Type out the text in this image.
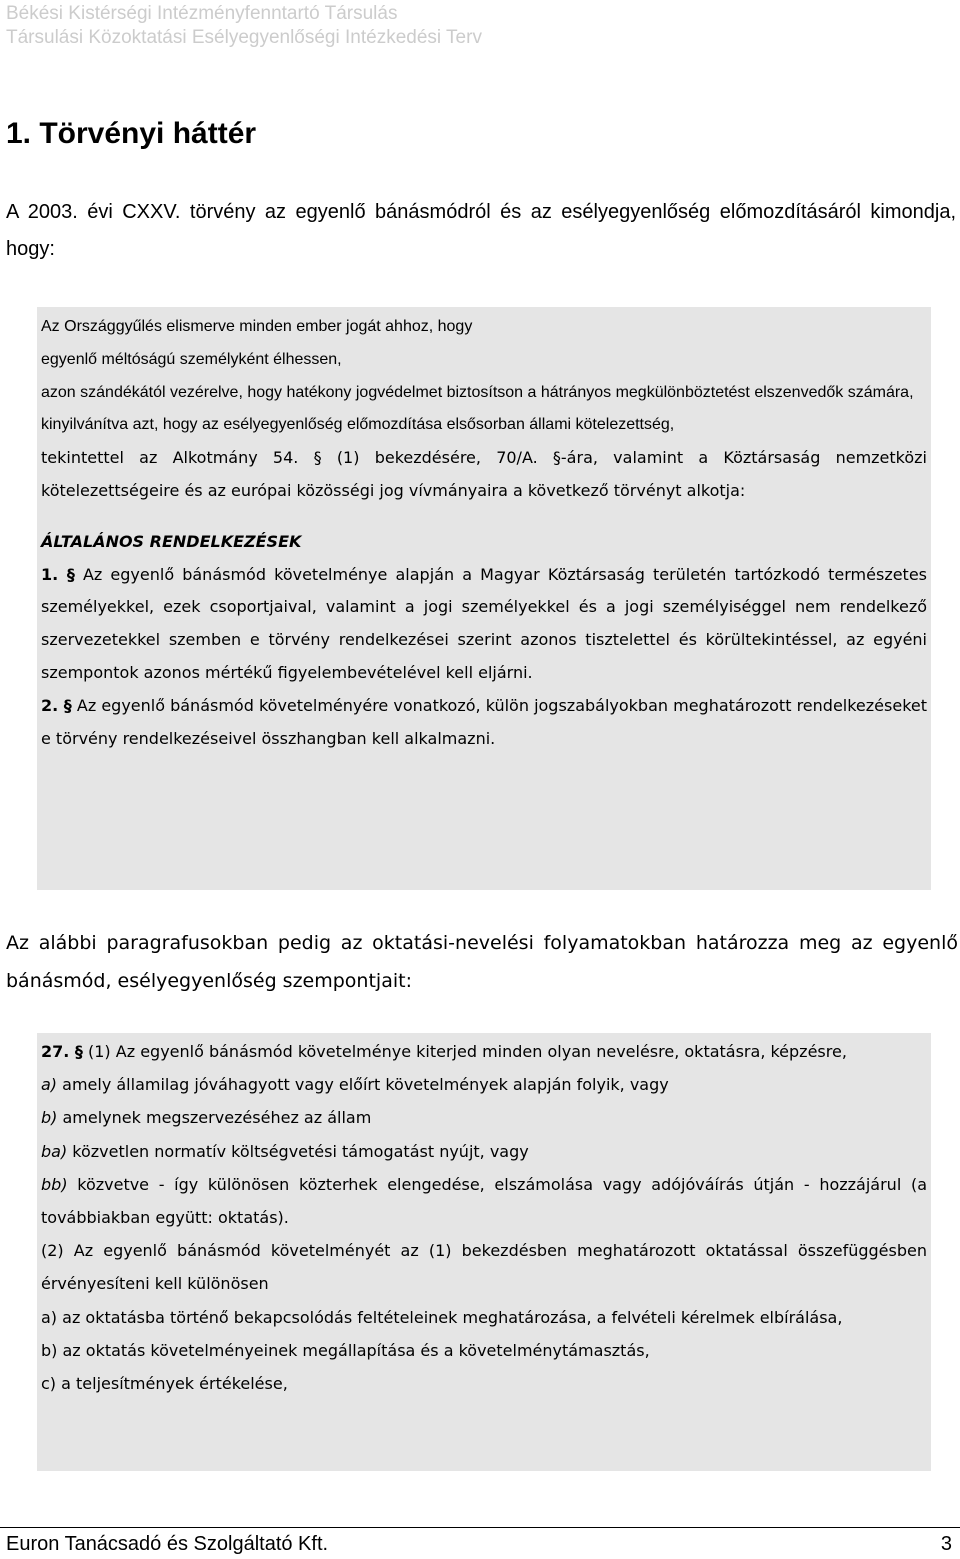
Békési Kistérségi Intézményfenntartó Társulás
Társulási Közoktatási Esélyegyenlőségi Intézkedési Terv
1. Törvényi háttér
A 2003. évi CXXV. törvény az egyenlő bánásmódról és az esélyegyenlőség előmozdításáról kimondja, hogy:

Az Országgyűlés elismerve minden ember jogát ahhoz, hogy

egyenlő méltóságú személyként élhessen,

azon szándékától vezérelve, hogy hatékony jogvédelmet biztosítson a hátrányos megkülönböztetést elszenvedők számára,

kinyilvánítva azt, hogy az esélyegyenlőség előmozdítása elsősorban állami kötelezettség,

tekintettel az Alkotmány 54. § (1) bekezdésére, 70/A. §-ára, valamint a Köztársaság nemzetközi kötelezettségeire és az európai közösségi jog vívmányaira a következő törvényt alkotja:

ÁLTALÁNOS RENDELKEZÉSEK

1. § Az egyenlő bánásmód követelménye alapján a Magyar Köztársaság területén tartózkodó természetes személyekkel, ezek csoportjaival, valamint a jogi személyekkel és a jogi személyiséggel nem rendelkező szervezetekkel szemben e törvény rendelkezései szerint azonos tisztelettel és körültekintéssel, az egyéni szempontok azonos mértékű figyelembevételével kell eljárni.

2. § Az egyenlő bánásmód követelményére vonatkozó, külön jogszabályokban meghatározott rendelkezéseket e törvény rendelkezéseivel összhangban kell alkalmazni.

Az alábbi paragrafusokban pedig az oktatási-nevelési folyamatokban határozza meg az egyenlő bánásmód, esélyegyenlőség szempontjait:

27. § (1) Az egyenlő bánásmód követelménye kiterjed minden olyan nevelésre, oktatásra, képzésre,

a) amely államilag jóváhagyott vagy előírt követelmények alapján folyik, vagy

b) amelynek megszervezéséhez az állam

ba) közvetlen normatív költségvetési támogatást nyújt, vagy

bb) közvetve - így különösen közterhek elengedése, elszámolása vagy adójóváírás útján - hozzájárul (a továbbiakban együtt: oktatás).

(2) Az egyenlő bánásmód követelményét az (1) bekezdésben meghatározott oktatással összefüggésben érvényesíteni kell különösen

a) az oktatásba történő bekapcsolódás feltételeinek meghatározása, a felvételi kérelmek elbírálása,

b) az oktatás követelményeinek megállapítása és a követelménytámasztás,

c) a teljesítmények értékelése,

Euron Tanácsadó és Szolgáltató Kft.	3
